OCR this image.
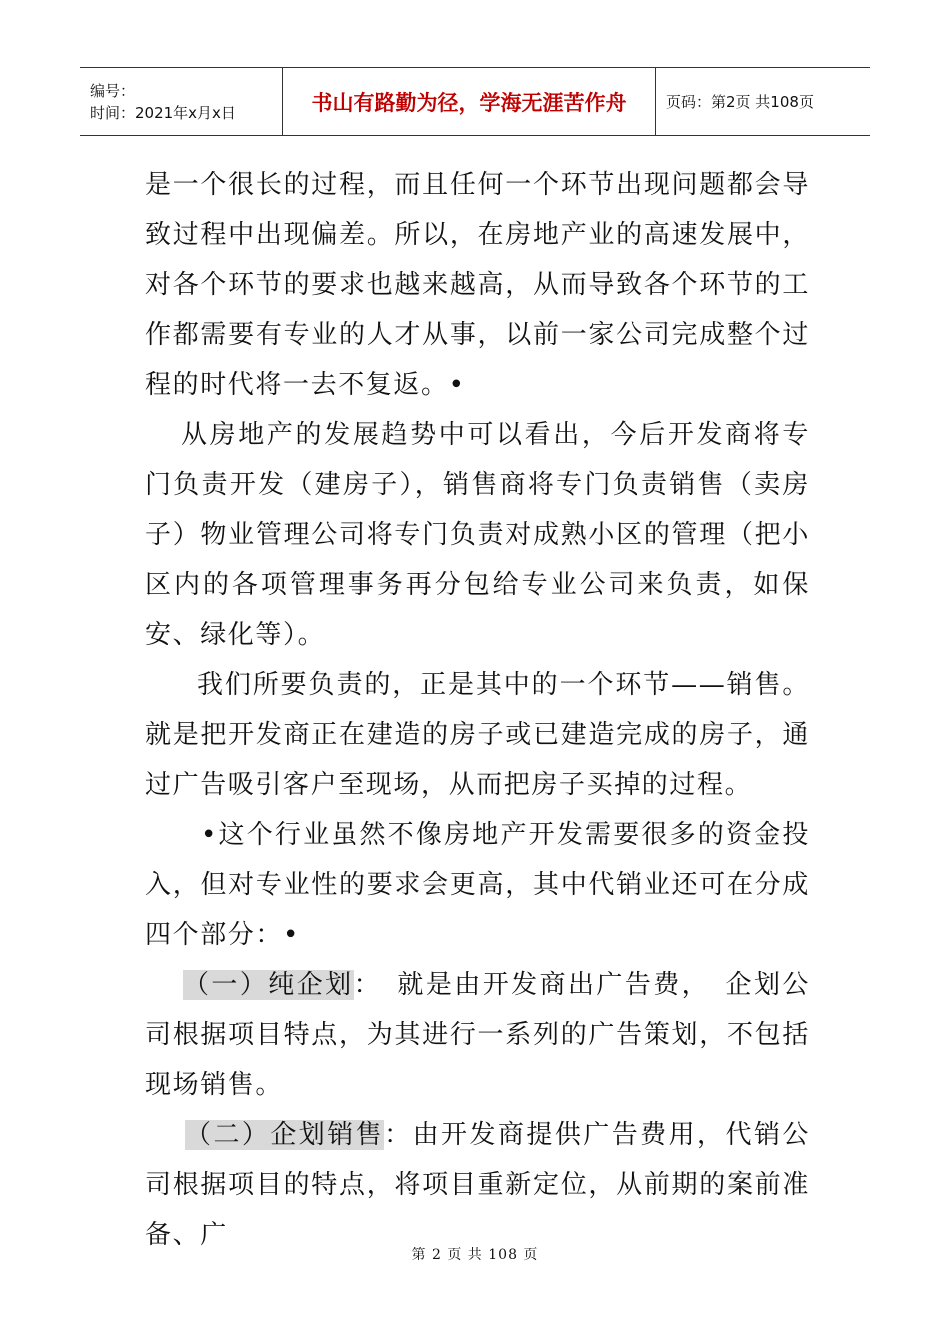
编号：
时间：2021年x月x日	书山有路勤为径，学海无涯苦作舟	页码：第2页 共108页

是一个很长的过程，而且任何一个环节出现问题都会导致过程中出现偏差。所以，在房地产业的高速发展中，对各个环节的要求也越来越高，从而导致各个环节的工作都需要有专业的人才从事，以前一家公司完成整个过程的时代将一去不复返。•

从房地产的发展趋势中可以看出，今后开发商将专门负责开发（建房子），销售商将专门负责销售（卖房子）物业管理公司将专门负责对成熟小区的管理（把小区内的各项管理事务再分包给专业公司来负责，如保安、绿化等）。

我们所要负责的，正是其中的一个环节——销售。就是把开发商正在建造的房子或已建造完成的房子，通过广告吸引客户至现场，从而把房子买掉的过程。

•这个行业虽然不像房地产开发需要很多的资金投入，但对专业性的要求会更高，其中代销业还可在分成四个部分：•

（一）纯企划：　就是由开发商出广告费，　企划公司根据项目特点，为其进行一系列的广告策划，不包括现场销售。

（二）企划销售：由开发商提供广告费用，代销公司根据项目的特点，将项目重新定位，从前期的案前准备、广

第 2 页 共 108 页
